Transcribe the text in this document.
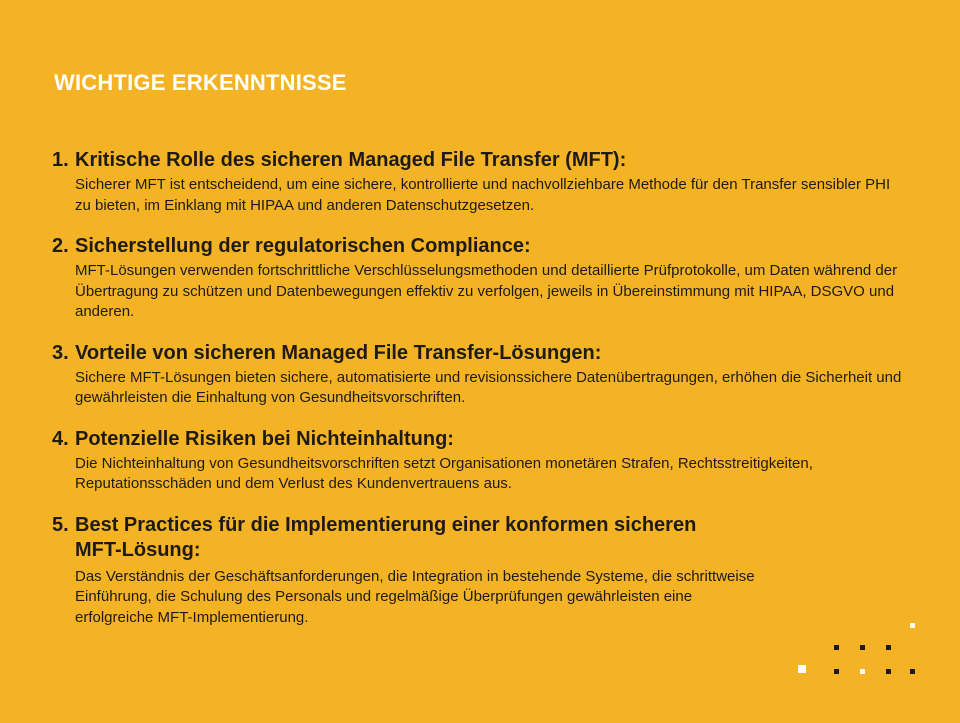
WICHTIGE ERKENNTNISSE
1. Kritische Rolle des sicheren Managed File Transfer (MFT):

Sicherer MFT ist entscheidend, um eine sichere, kontrollierte und nachvollziehbare Methode für den Transfer sensibler PHI zu bieten, im Einklang mit HIPAA und anderen Datenschutzgesetzen.

2. Sicherstellung der regulatorischen Compliance:

MFT-Lösungen verwenden fortschrittliche Verschlüsselungsmethoden und detaillierte Prüfprotokolle, um Daten während der Übertragung zu schützen und Datenbewegungen effektiv zu verfolgen, jeweils in Übereinstimmung mit HIPAA, DSGVO und anderen.

3. Vorteile von sicheren Managed File Transfer-Lösungen:

Sichere MFT-Lösungen bieten sichere, automatisierte und revisionssichere Datenübertragungen, erhöhen die Sicherheit und gewährleisten die Einhaltung von Gesundheitsvorschriften.

4. Potenzielle Risiken bei Nichteinhaltung:

Die Nichteinhaltung von Gesundheitsvorschriften setzt Organisationen monetären Strafen, Rechtsstreitigkeiten, Reputationsschäden und dem Verlust des Kundenvertrauens aus.

5. Best Practices für die Implementierung einer konformen sicheren MFT-Lösung:

Das Verständnis der Geschäftsanforderungen, die Integration in bestehende Systeme, die schrittweise Einführung, die Schulung des Personals und regelmäßige Überprüfungen gewährleisten eine erfolgreiche MFT-Implementierung.
